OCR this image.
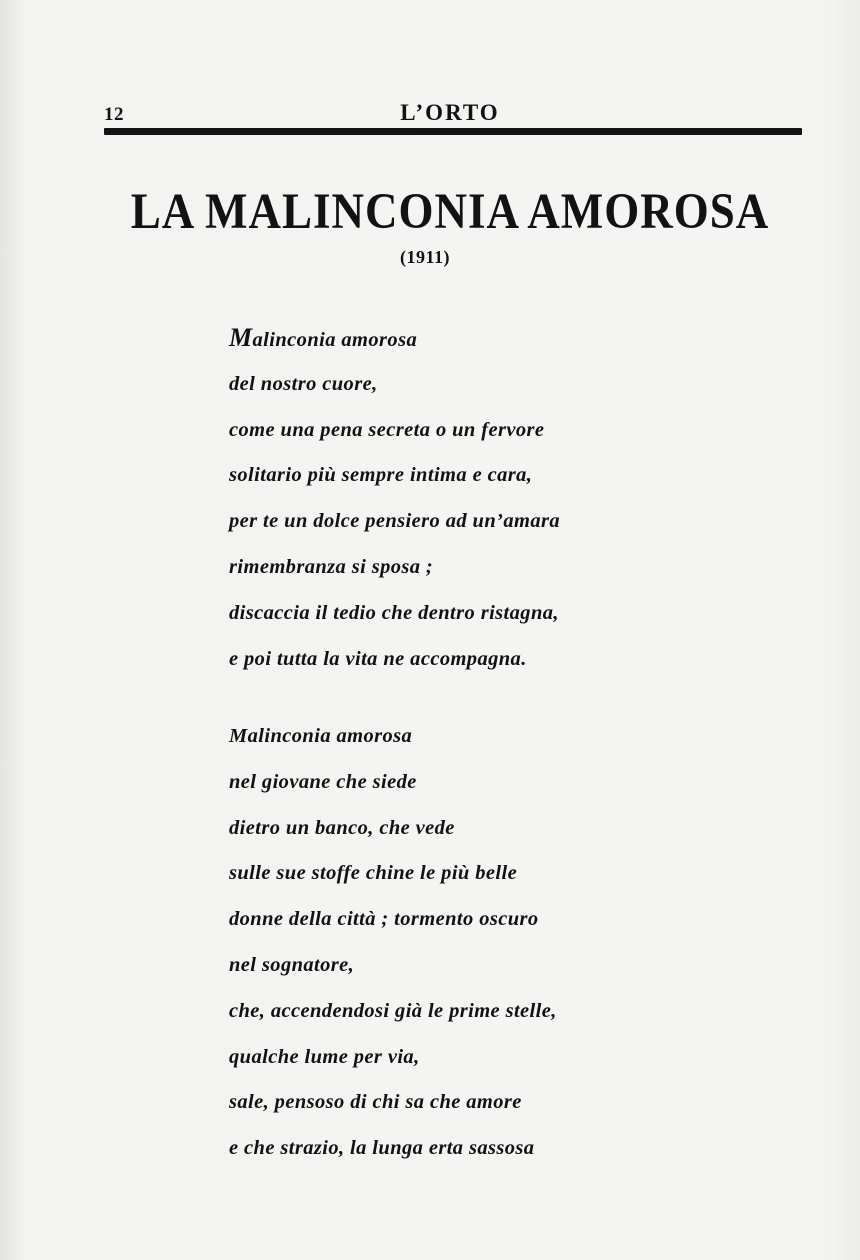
12	L’ORTO
LA MALINCONIA AMOROSA
(1911)
Malinconia amorosa
del nostro cuore,
come una pena secreta o un fervore
solitario più sempre intima e cara,
per te un dolce pensiero ad un’amara
rimembranza si sposa ;
discaccia il tedio che dentro ristagna,
e poi tutta la vita ne accompagna.
Malinconia amorosa
nel giovane che siede
dietro un banco, che vede
sulle sue stoffe chine le più belle
donne della città ; tormento oscuro
nel sognatore,
che, accendendosi già le prime stelle,
qualche lume per via,
sale, pensoso di chi sa che amore
e che strazio, la lunga erta sassosa
